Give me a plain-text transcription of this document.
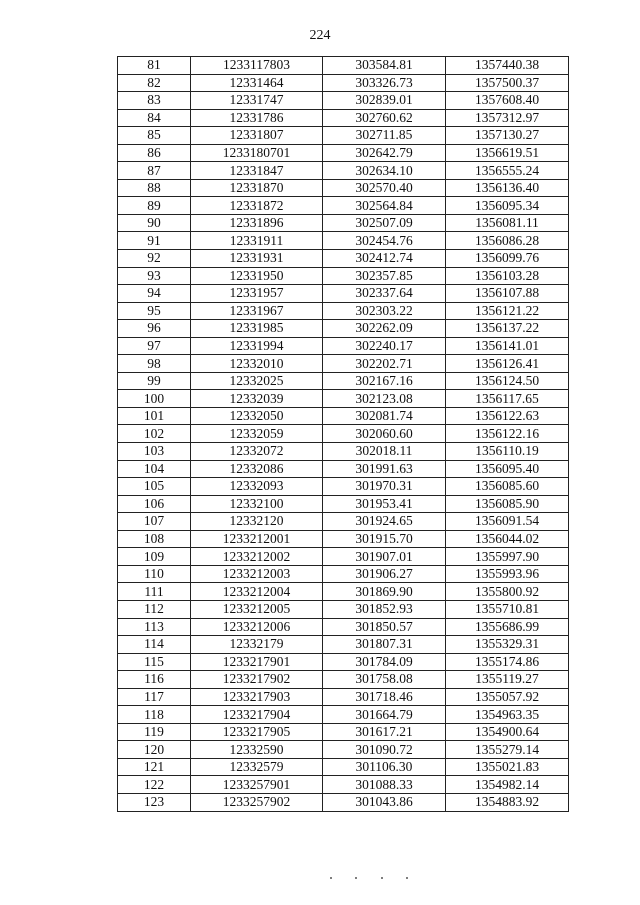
224
81	1233117803	303584.81	1357440.38
82	12331464	303326.73	1357500.37
83	12331747	302839.01	1357608.40
84	12331786	302760.62	1357312.97
85	12331807	302711.85	1357130.27
86	1233180701	302642.79	1356619.51
87	12331847	302634.10	1356555.24
88	12331870	302570.40	1356136.40
89	12331872	302564.84	1356095.34
90	12331896	302507.09	1356081.11
91	12331911	302454.76	1356086.28
92	12331931	302412.74	1356099.76
93	12331950	302357.85	1356103.28
94	12331957	302337.64	1356107.88
95	12331967	302303.22	1356121.22
96	12331985	302262.09	1356137.22
97	12331994	302240.17	1356141.01
98	12332010	302202.71	1356126.41
99	12332025	302167.16	1356124.50
100	12332039	302123.08	1356117.65
101	12332050	302081.74	1356122.63
102	12332059	302060.60	1356122.16
103	12332072	302018.11	1356110.19
104	12332086	301991.63	1356095.40
105	12332093	301970.31	1356085.60
106	12332100	301953.41	1356085.90
107	12332120	301924.65	1356091.54
108	1233212001	301915.70	1356044.02
109	1233212002	301907.01	1355997.90
110	1233212003	301906.27	1355993.96
111	1233212004	301869.90	1355800.92
112	1233212005	301852.93	1355710.81
113	1233212006	301850.57	1355686.99
114	12332179	301807.31	1355329.31
115	1233217901	301784.09	1355174.86
116	1233217902	301758.08	1355119.27
117	1233217903	301718.46	1355057.92
118	1233217904	301664.79	1354963.35
119	1233217905	301617.21	1354900.64
120	12332590	301090.72	1355279.14
121	12332579	301106.30	1355021.83
122	1233257901	301088.33	1354982.14
123	1233257902	301043.86	1354883.92
